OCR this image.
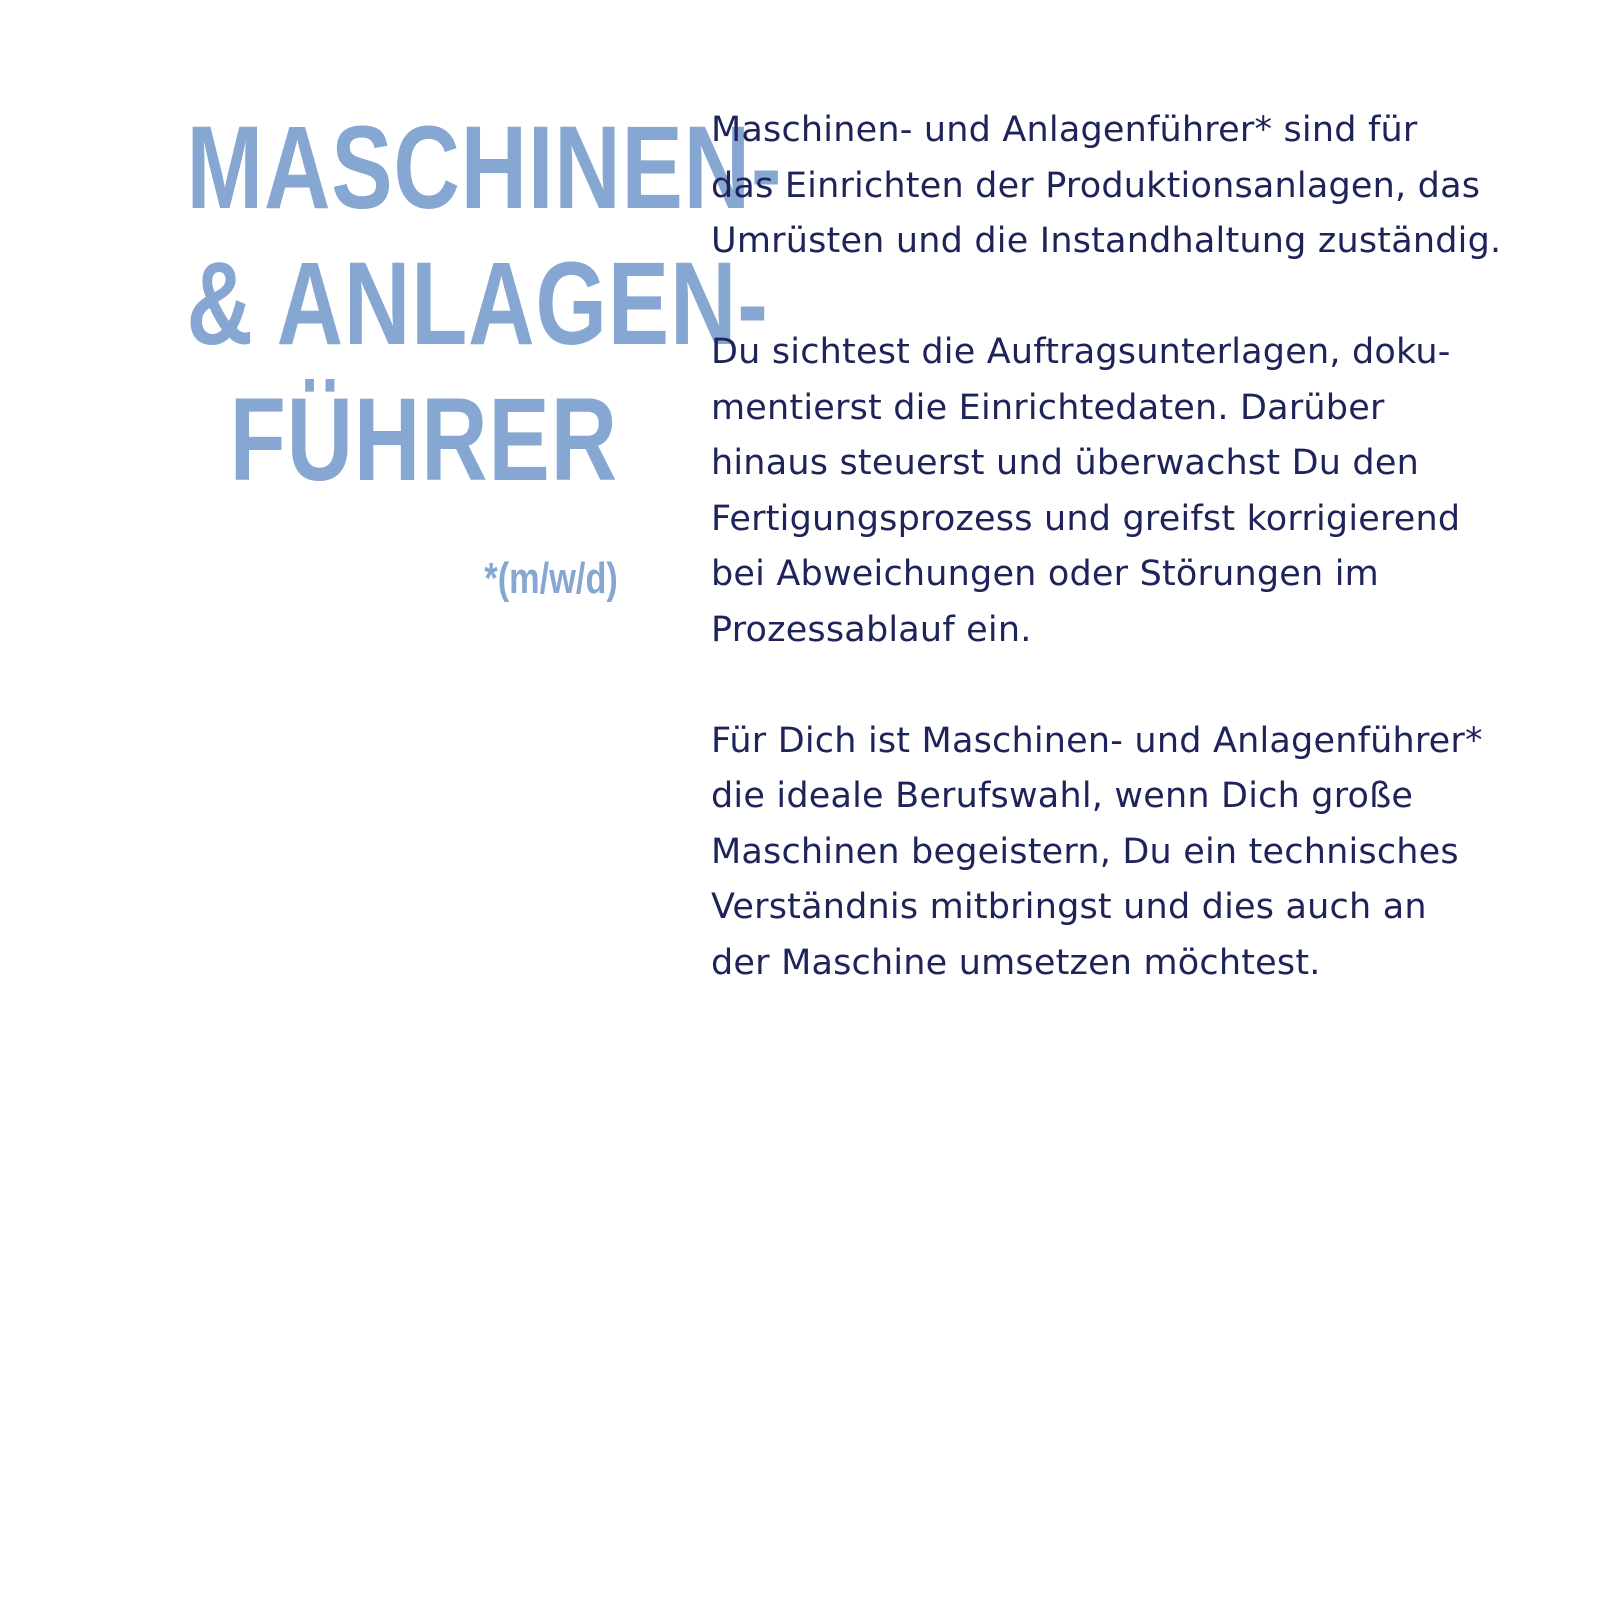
MASCHINEN-
& ANLAGEN-
FÜHRER
*(m/w/d)

Maschinen- und Anlagenführer* sind für
das Einrichten der Produktionsanlagen, das
Umrüsten und die Instandhaltung zuständig.

Du sichtest die Auftragsunterlagen, doku-
mentierst die Einrichtedaten. Darüber
hinaus steuerst und überwachst Du den
Fertigungsprozess und greifst korrigierend
bei Abweichungen oder Störungen im
Prozessablauf ein.

Für Dich ist Maschinen- und Anlagenführer*
die ideale Berufswahl, wenn Dich große
Maschinen begeistern, Du ein technisches
Verständnis mitbringst und dies auch an
der Maschine umsetzen möchtest.
